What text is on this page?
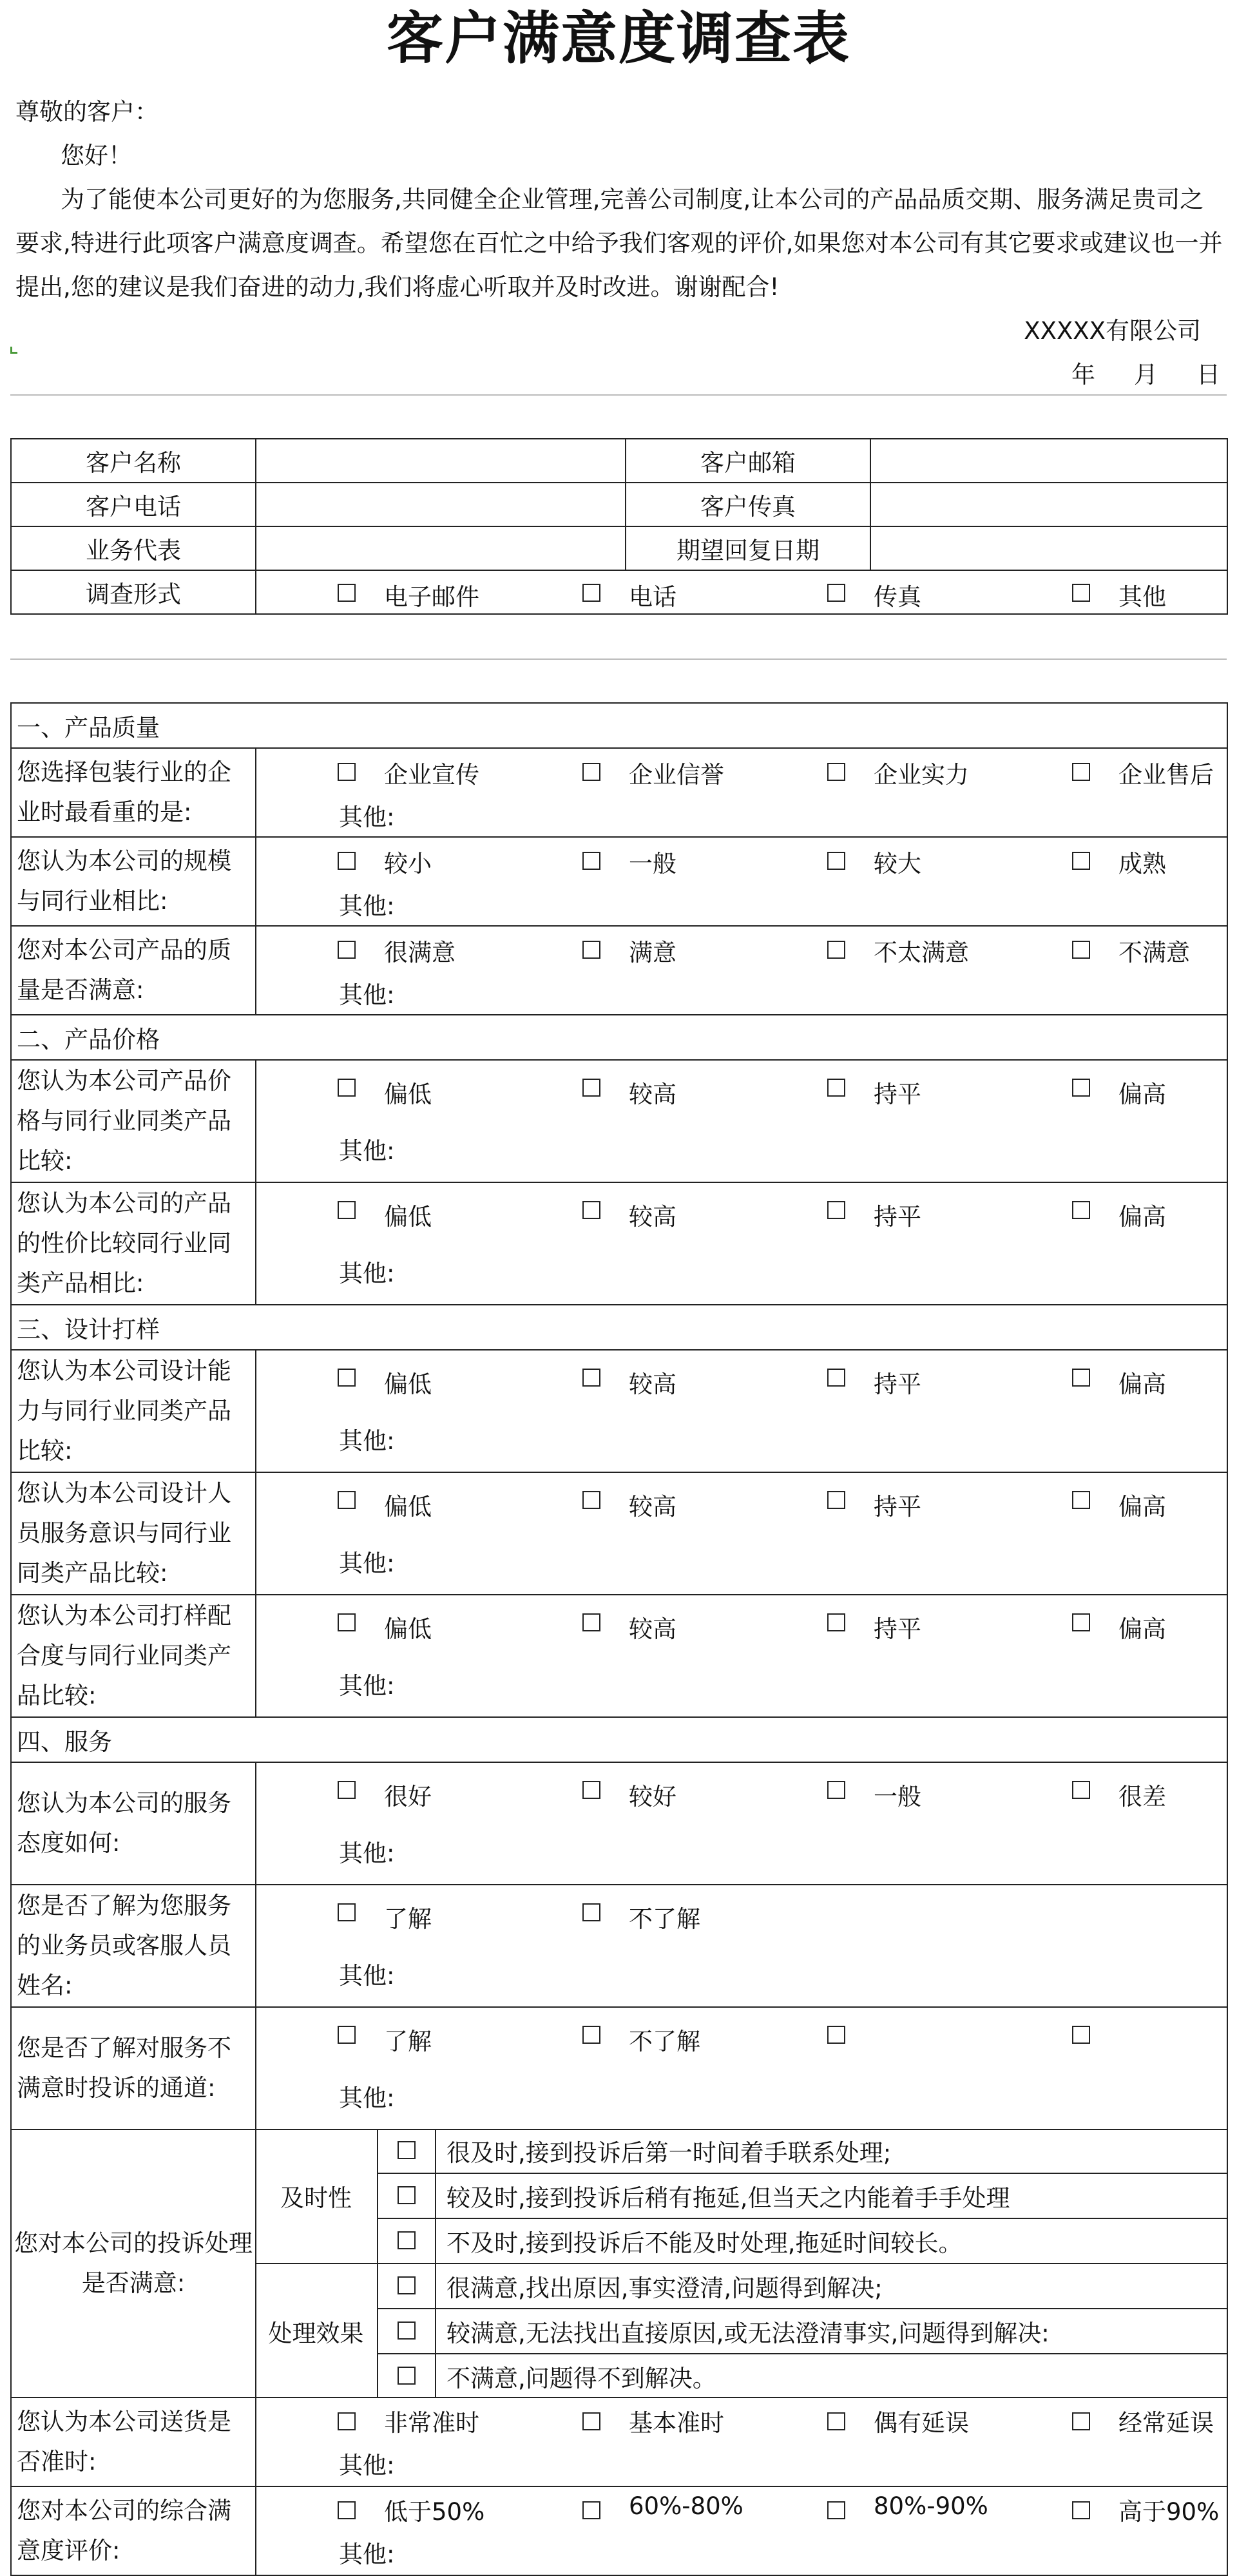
客户满意度调查表

尊敬的客户：

您好！

为了能使本公司更好的为您服务,共同健全企业管理,完善公司制度,让本公司的产品品质交期、服务满足贵司之要求,特进行此项客户满意度调查。希望您在百忙之中给予我们客观的评价,如果您对本公司有其它要求或建议也一并提出,您的建议是我们奋进的动力,我们将虚心听取并及时改进。谢谢配合!

XXXXX有限公司

年 月 日

客户名称		客户邮箱	
客户电话		客户传真	
业务代表		期望回复日期	
调查形式	电子邮件 电话 传真 其他		
一、产品质量
您选择包装行业的企业时最看重的是:	
企业宣传	企业信誉	企业实力	企业售后
其他:

您认为本公司的规模与同行业相比:	
较小	一般	较大	成熟
其他:

您对本公司产品的质量是否满意:	
很满意	满意	不太满意	不满意
其他:

二、产品价格
您认为本公司产品价格与同行业同类产品比较:	
偏低	较高	持平	偏高
其他:

您认为本公司的产品的性价比较同行业同类产品相比:	
偏低	较高	持平	偏高
其他:

三、设计打样
您认为本公司设计能力与同行业同类产品比较:	
偏低	较高	持平	偏高
其他:

您认为本公司设计人员服务意识与同行业同类产品比较:	
偏低	较高	持平	偏高
其他:

您认为本公司打样配合度与同行业同类产品比较:	
偏低	较高	持平	偏高
其他:

四、服务
您认为本公司的服务态度如何:	
很好	较好	一般	很差
其他:

您是否了解为您服务的业务员或客服人员姓名:	
了解	不了解
其他:

您是否了解对服务不满意时投诉的通道:	
了解	不了解
其他:

您对本公司的投诉处理是否满意:	
及时性		很及时,接到投诉后第一时间着手联系处理;
	较及时,接到投诉后稍有拖延,但当天之内能着手手处理
	不及时,接到投诉后不能及时处理,拖延时间较长。
处理效果		很满意,找出原因,事实澄清,问题得到解决;
	较满意,无法找出直接原因,或无法澄清事实,问题得到解决:
	不满意,问题得不到解决。

您认为本公司送货是否准时:	
非常准时	基本准时	偶有延误	经常延误
其他:

您对本公司的综合满意度评价:	
低于50%	60%-80%	80%-90%	高于90%
其他:
